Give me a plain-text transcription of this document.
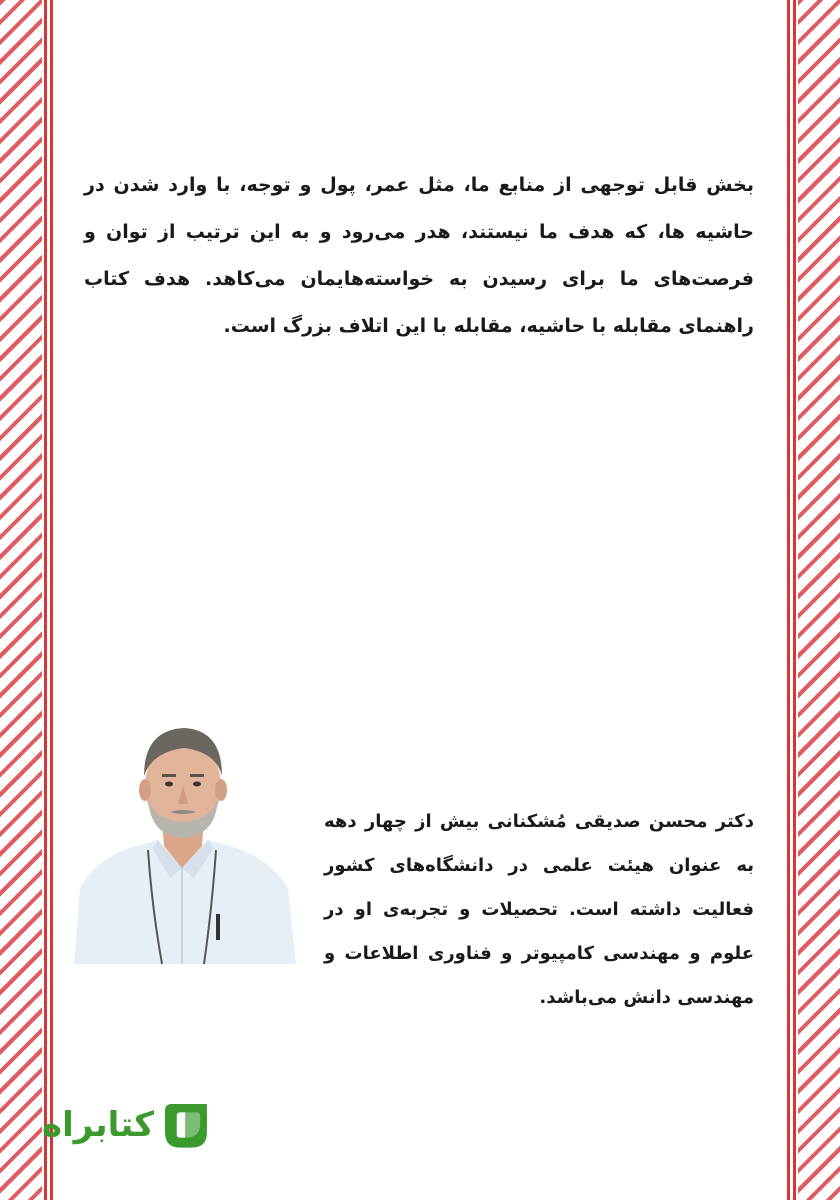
بخش قابل توجهی از منابع ما، مثل عمر، پول و توجه، با وارد شدن در حاشیه ها، که هدف ما نیستند، هدر می‌رود و به این ترتیب از توان و فرصت‌های ما برای رسیدن به خواسته‌هایمان می‌کاهد. هدف کتاب راهنمای مقابله با حاشیه، مقابله با این اتلاف بزرگ است.

دکتر محسن صدیقی مُشکنانی بیش از چهار دهه به عنوان هیئت علمی در دانشگاه‌های کشور فعالیت داشته است. تحصیلات و تجربه‌ی او در علوم و مهندسی کامپیوتر و فناوری اطلاعات و مهندسی دانش می‌باشد.

کتابراه
